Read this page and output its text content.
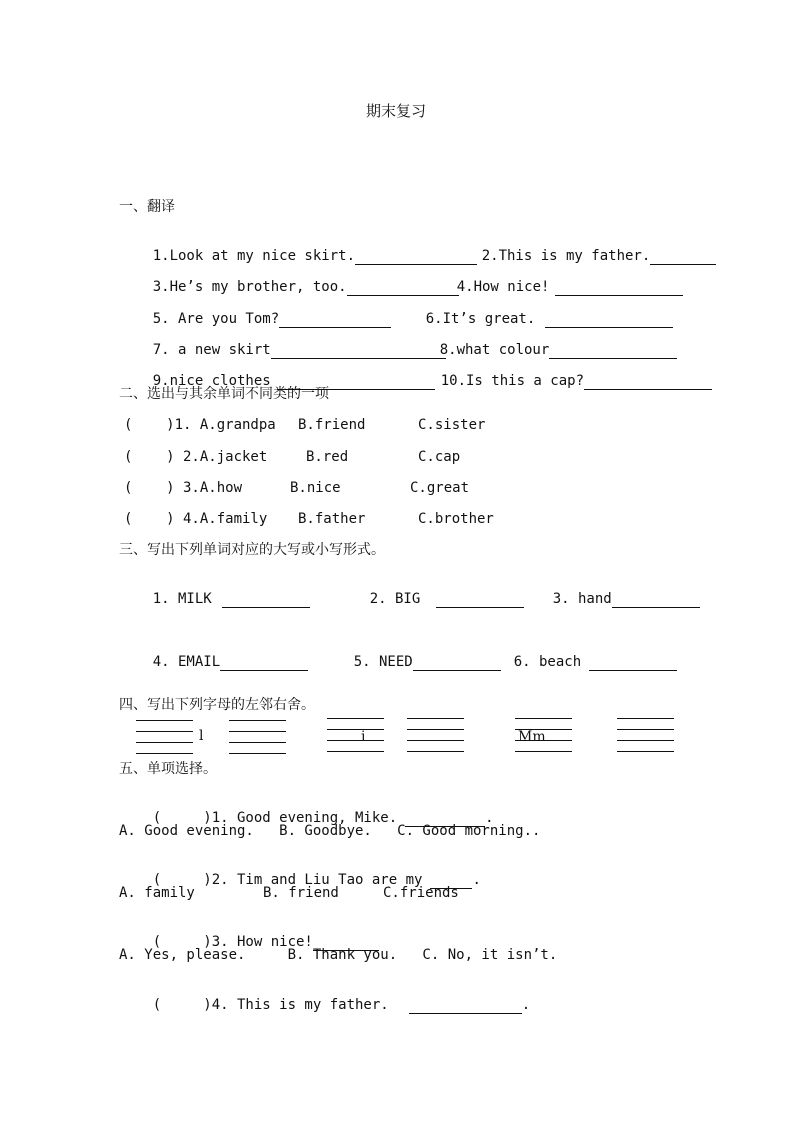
期末复习
一、翻译

1.Look at my nice skirt.
	2.This is my father.

3.He’s my brother, too.
	4.How nice!

5. Are you Tom?
	6.It’s great.

7. a new skirt
	8.what colour

9.nice clothes
	10.Is this a cap?

二、选出与其余单词不同类的一项
(    )1. A.grandpa B.friend	C.sister
(    ) 2.A.jacket	B.red	C.cap
(    ) 3.A.how	B.nice	C.great
(    ) 4.A.family B.father	C.brother
三、写出下列单词对应的大写或小写形式。

1. MILK
	2. BIG
	3. hand

4. EMAIL
	5. NEED
	6. beach

四、写出下列字母的左邻右舍。
l	i	Mm
五、单项选择。

(     )1. Good evening, Mike.	.

A. Good evening.   B. Goodbye.   C. Good morning..

(     )2. Tim and Liu Tao are my	.

A. family	B. friend	C.friends

(     )3. How nice!

A. Yes, please.     B. Thank you.   C. No, it isn’t.

(     )4. This is my father.	.
